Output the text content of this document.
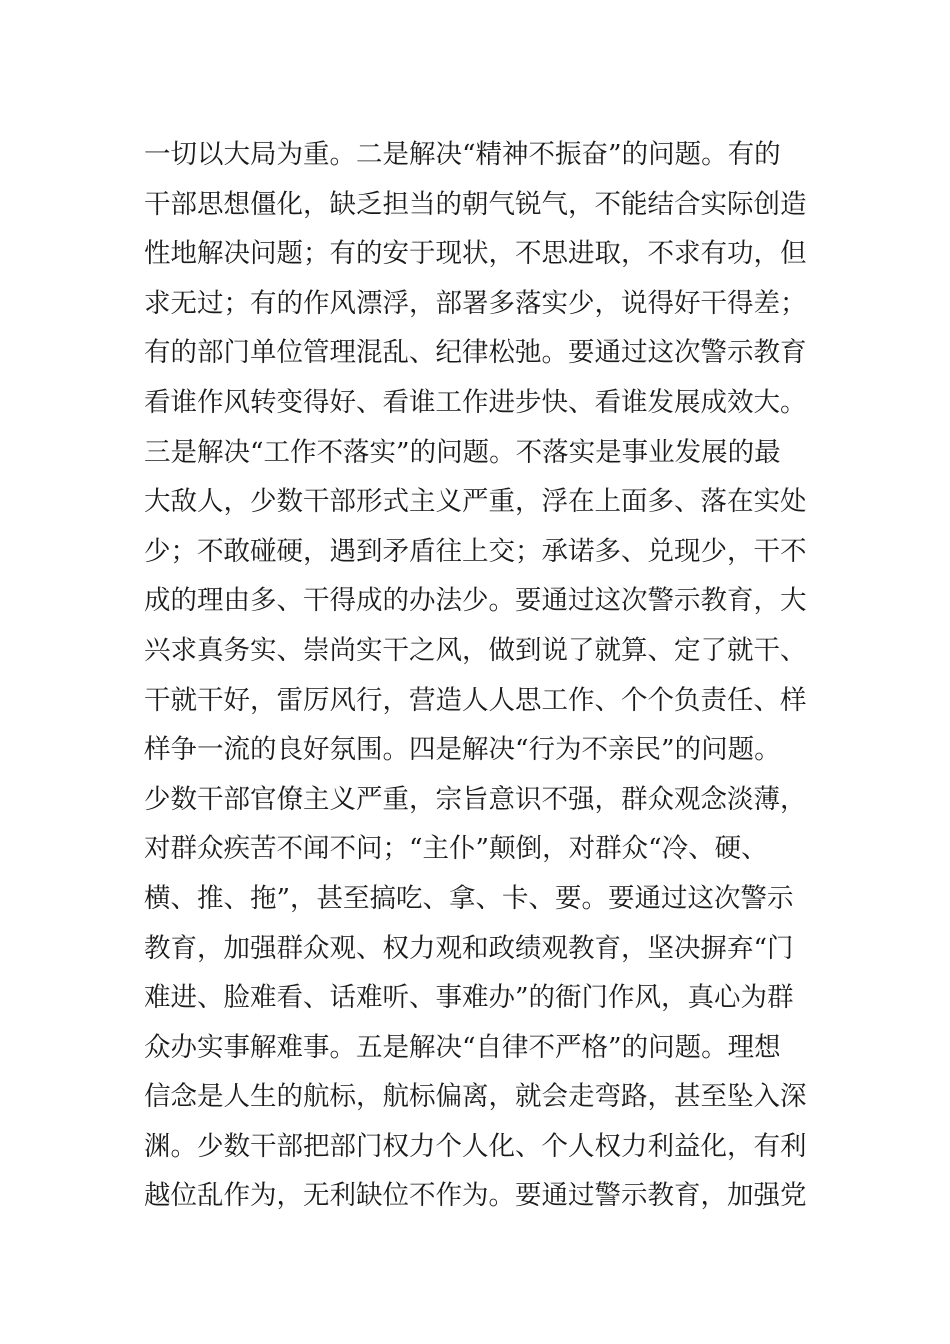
一切以大局为重。二是解决“精神不振奋”的问题。有的
干部思想僵化，缺乏担当的朝气锐气，不能结合实际创造
性地解决问题；有的安于现状，不思进取，不求有功，但
求无过；有的作风漂浮，部署多落实少，说得好干得差；
有的部门单位管理混乱、纪律松弛。要通过这次警示教育
看谁作风转变得好、看谁工作进步快、看谁发展成效大。
三是解决“工作不落实”的问题。不落实是事业发展的最
大敌人，少数干部形式主义严重，浮在上面多、落在实处
少；不敢碰硬，遇到矛盾往上交；承诺多、兑现少，干不
成的理由多、干得成的办法少。要通过这次警示教育，大
兴求真务实、崇尚实干之风，做到说了就算、定了就干、
干就干好，雷厉风行，营造人人思工作、个个负责任、样
样争一流的良好氛围。四是解决“行为不亲民”的问题。
少数干部官僚主义严重，宗旨意识不强，群众观念淡薄，
对群众疾苦不闻不问；“主仆”颠倒，对群众“冷、硬、
横、推、拖”，甚至搞吃、拿、卡、要。要通过这次警示
教育，加强群众观、权力观和政绩观教育，坚决摒弃“门
难进、脸难看、话难听、事难办”的衙门作风，真心为群
众办实事解难事。五是解决“自律不严格”的问题。理想
信念是人生的航标，航标偏离，就会走弯路，甚至坠入深
渊。少数干部把部门权力个人化、个人权力利益化，有利
越位乱作为，无利缺位不作为。要通过警示教育，加强党
